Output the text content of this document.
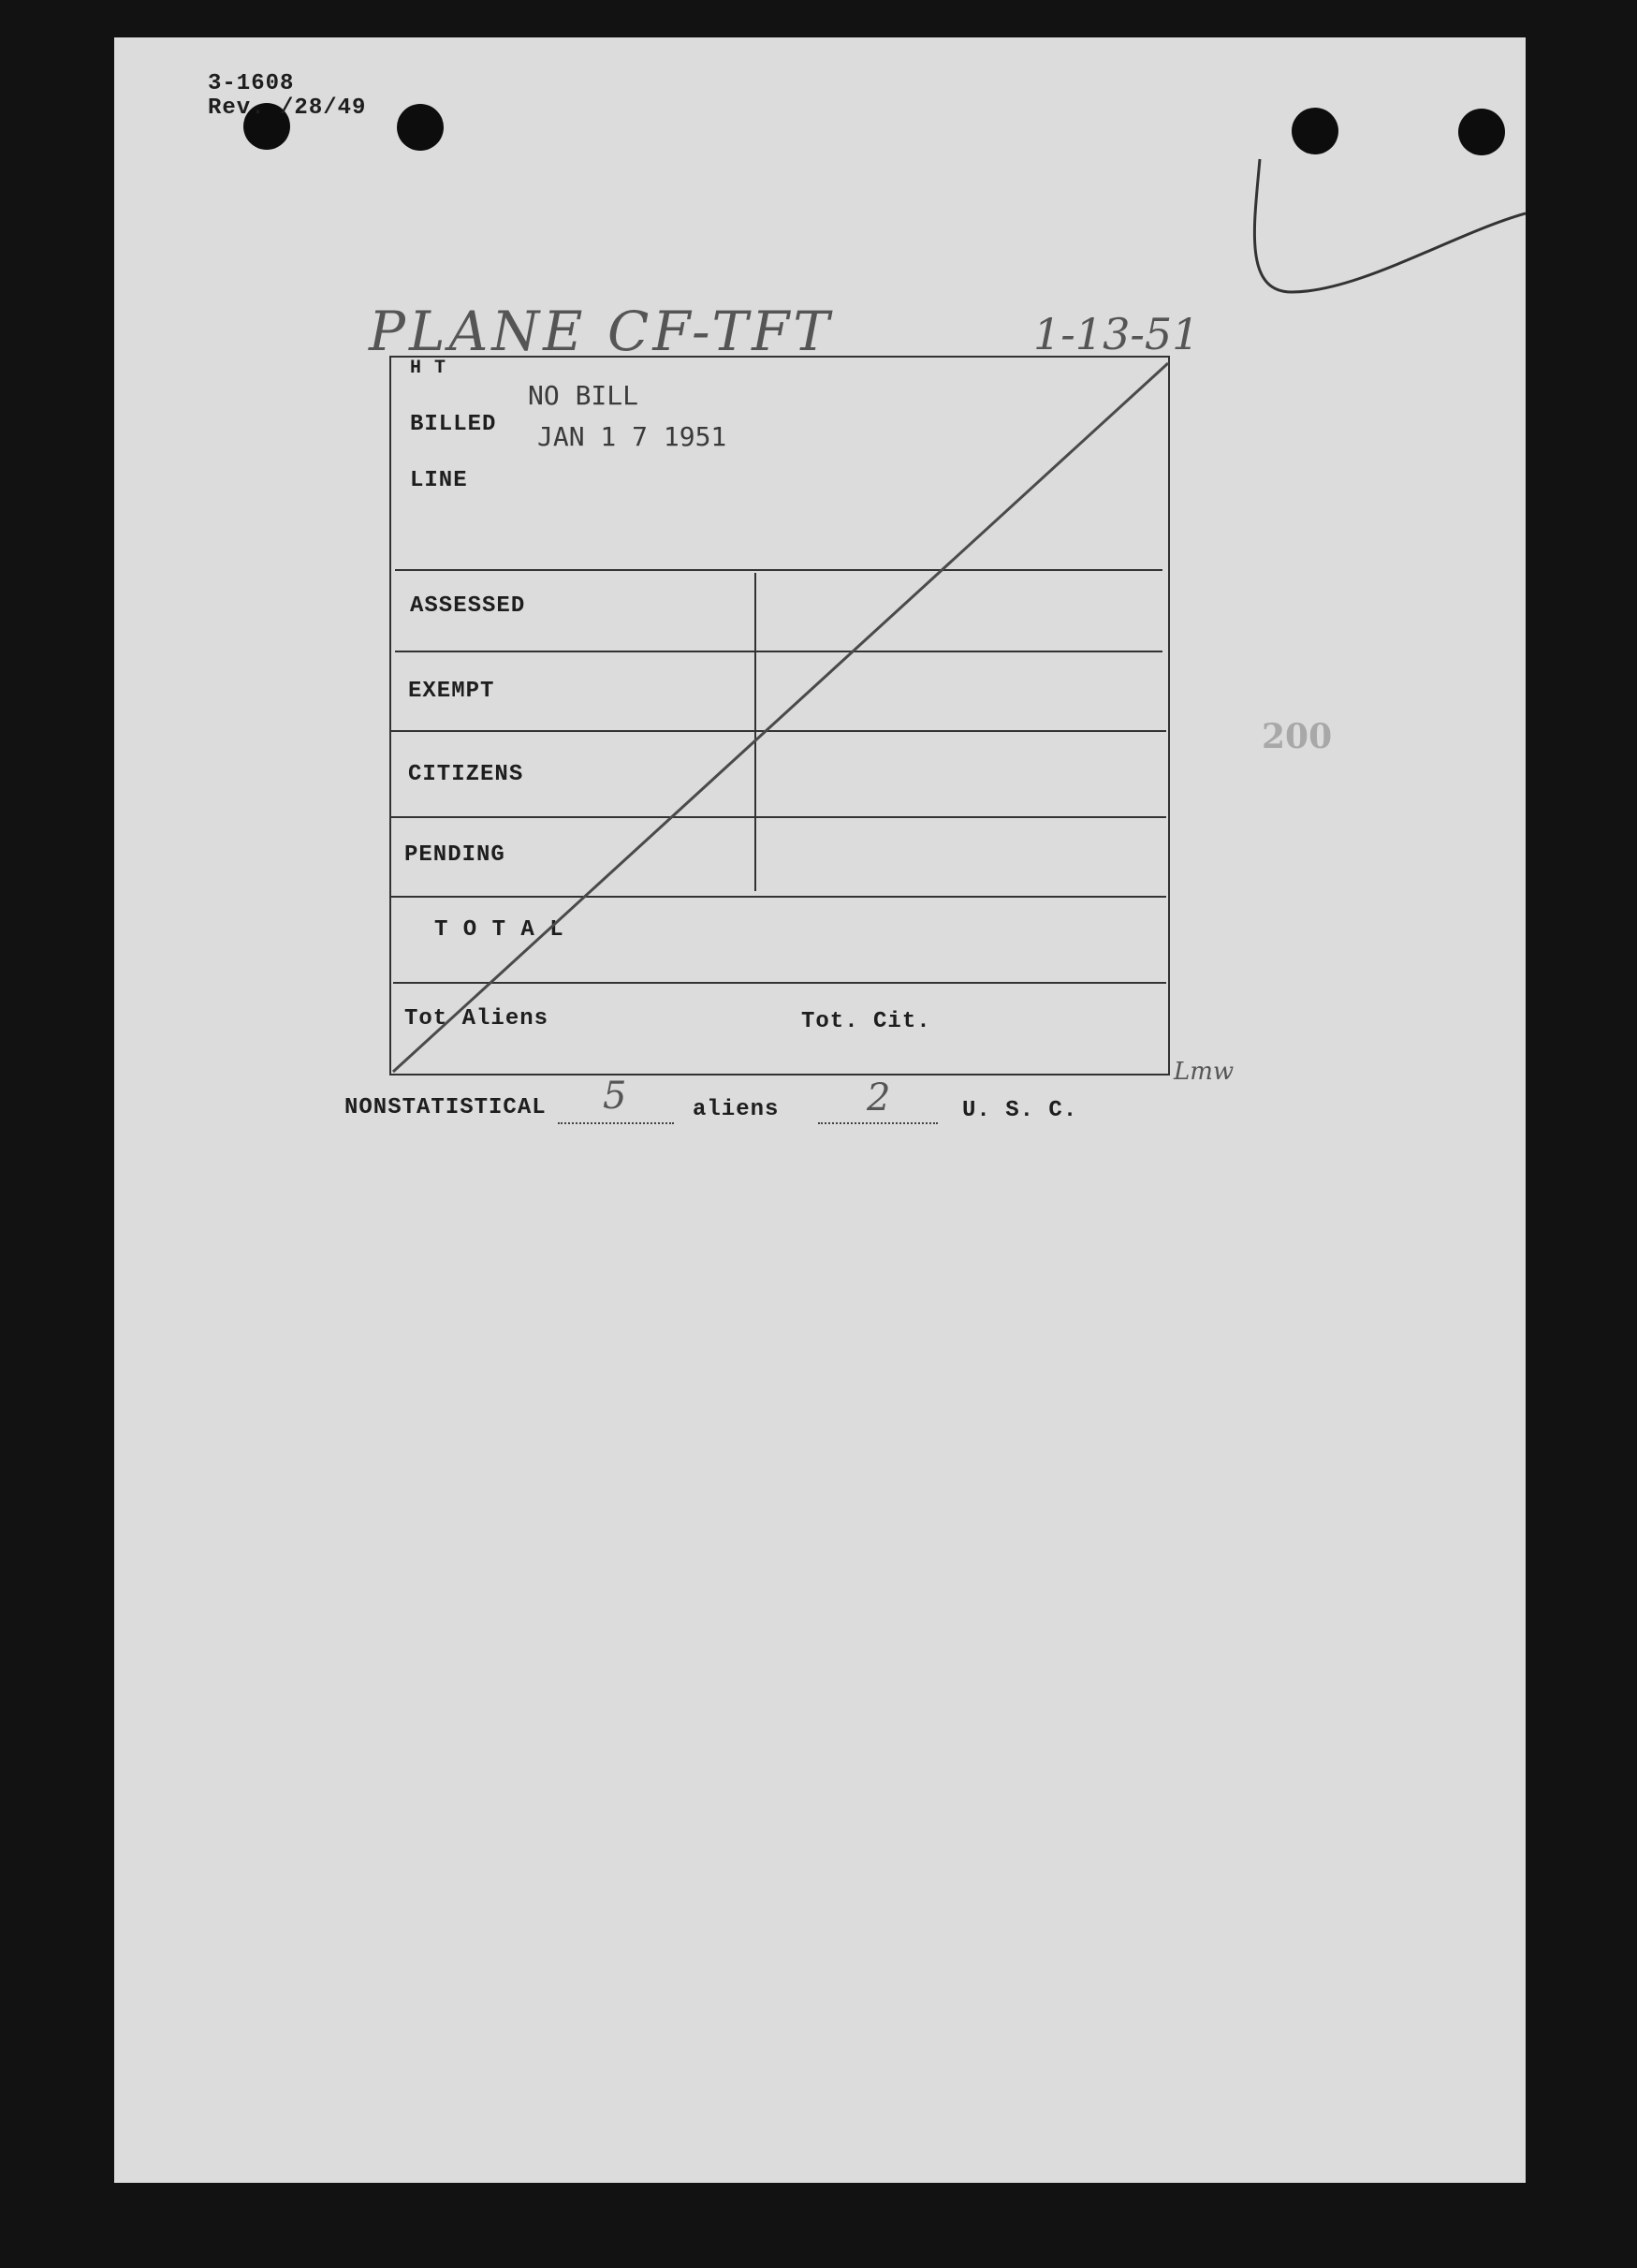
3-1608
Rev. /28/49
PLANE CF-TFT	1-13-51
NO BILL
JAN 1 7 1951
H T
BILLED
LINE
ASSESSED
EXEMPT
CITIZENS
PENDING
T O T A L
Tot Aliens	Tot. Cit.
Lmw
200
NONSTATISTICAL 5	aliens 2	U. S. C.
